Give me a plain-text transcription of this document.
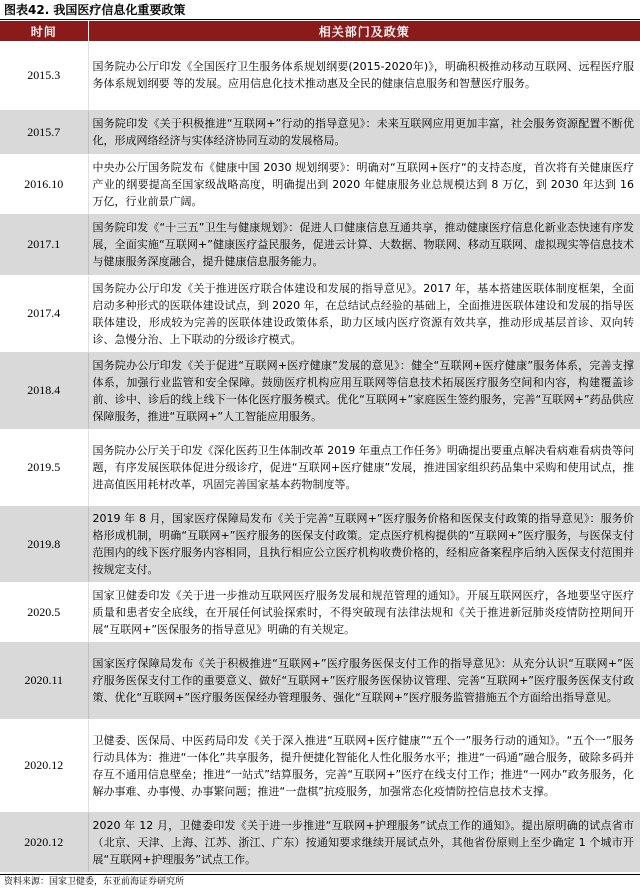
图表42. 我国医疗信息化重要政策
时间	相关部门及政策
2015.3	国务院办公厅印发《全国医疗卫生服务体系规划纲要(2015-2020年)》，明确积极推动移动互联网、远程医疗服务体系规划纲要 等的发展。应用信息化技术推动惠及全民的健康信息服务和智慧医疗服务。
2015.7	国务院印发《关于积极推进“互联网+”行动的指导意见》：未来互联网应用更加丰富，社会服务资源配置不断优化，形成网络经济与实体经济协同互动的发展格局。
2016.10	中央办公厅国务院发布《健康中国 2030 规划纲要》：明确对“互联网+医疗“的支持态度，首次将有关健康医疗产业的纲要提高至国家级战略高度，明确提出到 2020 年健康服务业总规模达到 8 万亿，到 2030 年达到 16 万亿，行业前景广阔。
2017.1	国务院印发《“十三五”卫生与健康规划》：促进人口健康信息互通共享，推动健康医疗信息化新业态快速有序发展，全面实施“互联网+”健康医疗益民服务，促进云计算、大数据、物联网、移动互联网、虚拟现实等信息技术与健康服务深度融合，提升健康信息服务能力。
2017.4	国务院办公厅印发《关于推进医疗联合体建设和发展的指导意见》。2017 年，基本搭建医联体制度框架，全面启动多种形式的医联体建设试点，到 2020 年，在总结试点经验的基础上，全面推进医联体建设和发展的指导医联体建设，形成较为完善的医联体建设政策体系，助力区域内医疗资源有效共享，推动形成基层首诊、双向转诊、急慢分治、上下联动的分级诊疗模式。
2018.4	国务院办公厅印发《关于促进“互联网+医疗健康”发展的意见》：健全“互联网+医疗健康”服务体系，完善支撑体系，加强行业监管和安全保障。鼓励医疗机构应用互联网等信息技术拓展医疗服务空间和内容，构建覆盖诊前、诊中、诊后的线上线下一体化医疗服务模式。优化“互联网+”家庭医生签约服务，完善“互联网+”药品供应保障服务，推进“互联网+”人工智能应用服务。
2019.5	国务院办公厅关于印发《深化医药卫生体制改革 2019 年重点工作任务》明确提出要重点解决看病难看病贵等问题，有序发展医联体促进分级诊疗，促进“互联网+医疗健康”发展，推进国家组织药品集中采购和使用试点，推进高值医用耗材改革，巩固完善国家基本药物制度等。
2019.8	2019 年 8 月，国家医疗保障局发布《关于完善“互联网+”医疗服务价格和医保支付政策的指导意见》：服务价格形成机制，明确“互联网+”医疗服务的医保支付政策。定点医疗机构提供的“互联网+”医疗服务，与医保支付范围内的线下医疗服务内容相同，且执行相应公立医疗机构收费价格的，经相应备案程序后纳入医保支付范围并按规定支付。
2020.5	国家卫健委印发《关于进一步推动互联网医疗服务发展和规范管理的通知》。开展互联网医疗，各地要坚守医疗质量和患者安全底线，在开展任何试验探索时，不得突破现有法律法规和《关于推进新冠肺炎疫情防控期间开展“互联网+”医保服务的指导意见》明确的有关规定。
2020.11	国家医疗保障局发布《关于积极推进“互联网+”医疗服务医保支付工作的指导意见》：从充分认识“互联网+”医疗服务医保支付工作的重要意义、做好“互联网+”医疗服务医保协议管理、完善“互联网+”医疗服务医保支付政策、优化“互联网+”医疗服务医保经办管理服务、强化“互联网+”医疗服务监管措施五个方面给出指导意见。
2020.12	卫健委、医保局、中医药局印发《关于深入推进“互联网+医疗健康”“五个一”服务行动的通知》。“五个一”服务行动具体为：推进“一体化”共享服务，提升便捷化智能化人性化服务水平；推进“一码通”融合服务，破除多码并存互不通用信息壁垒；推进“一站式”结算服务，完善“互联网+”医疗在线支付工作；推进“一网办”政务服务，化解办事难、办事慢、办事繁问题；推进“一盘棋”抗疫服务，加强常态化疫情防控信息技术支撑。
2020.12	2020 年 12 月，卫健委印发《关于进一步推进“互联网+护理服务”试点工作的通知》。提出原明确的试点省市（北京、天津、上海、江苏、浙江、广东）按通知要求继续开展试点外，其他省份原则上至少确定 1 个城市开展“互联网+护理服务”试点工作。
资料来源：国家卫健委，东亚前海证券研究所
